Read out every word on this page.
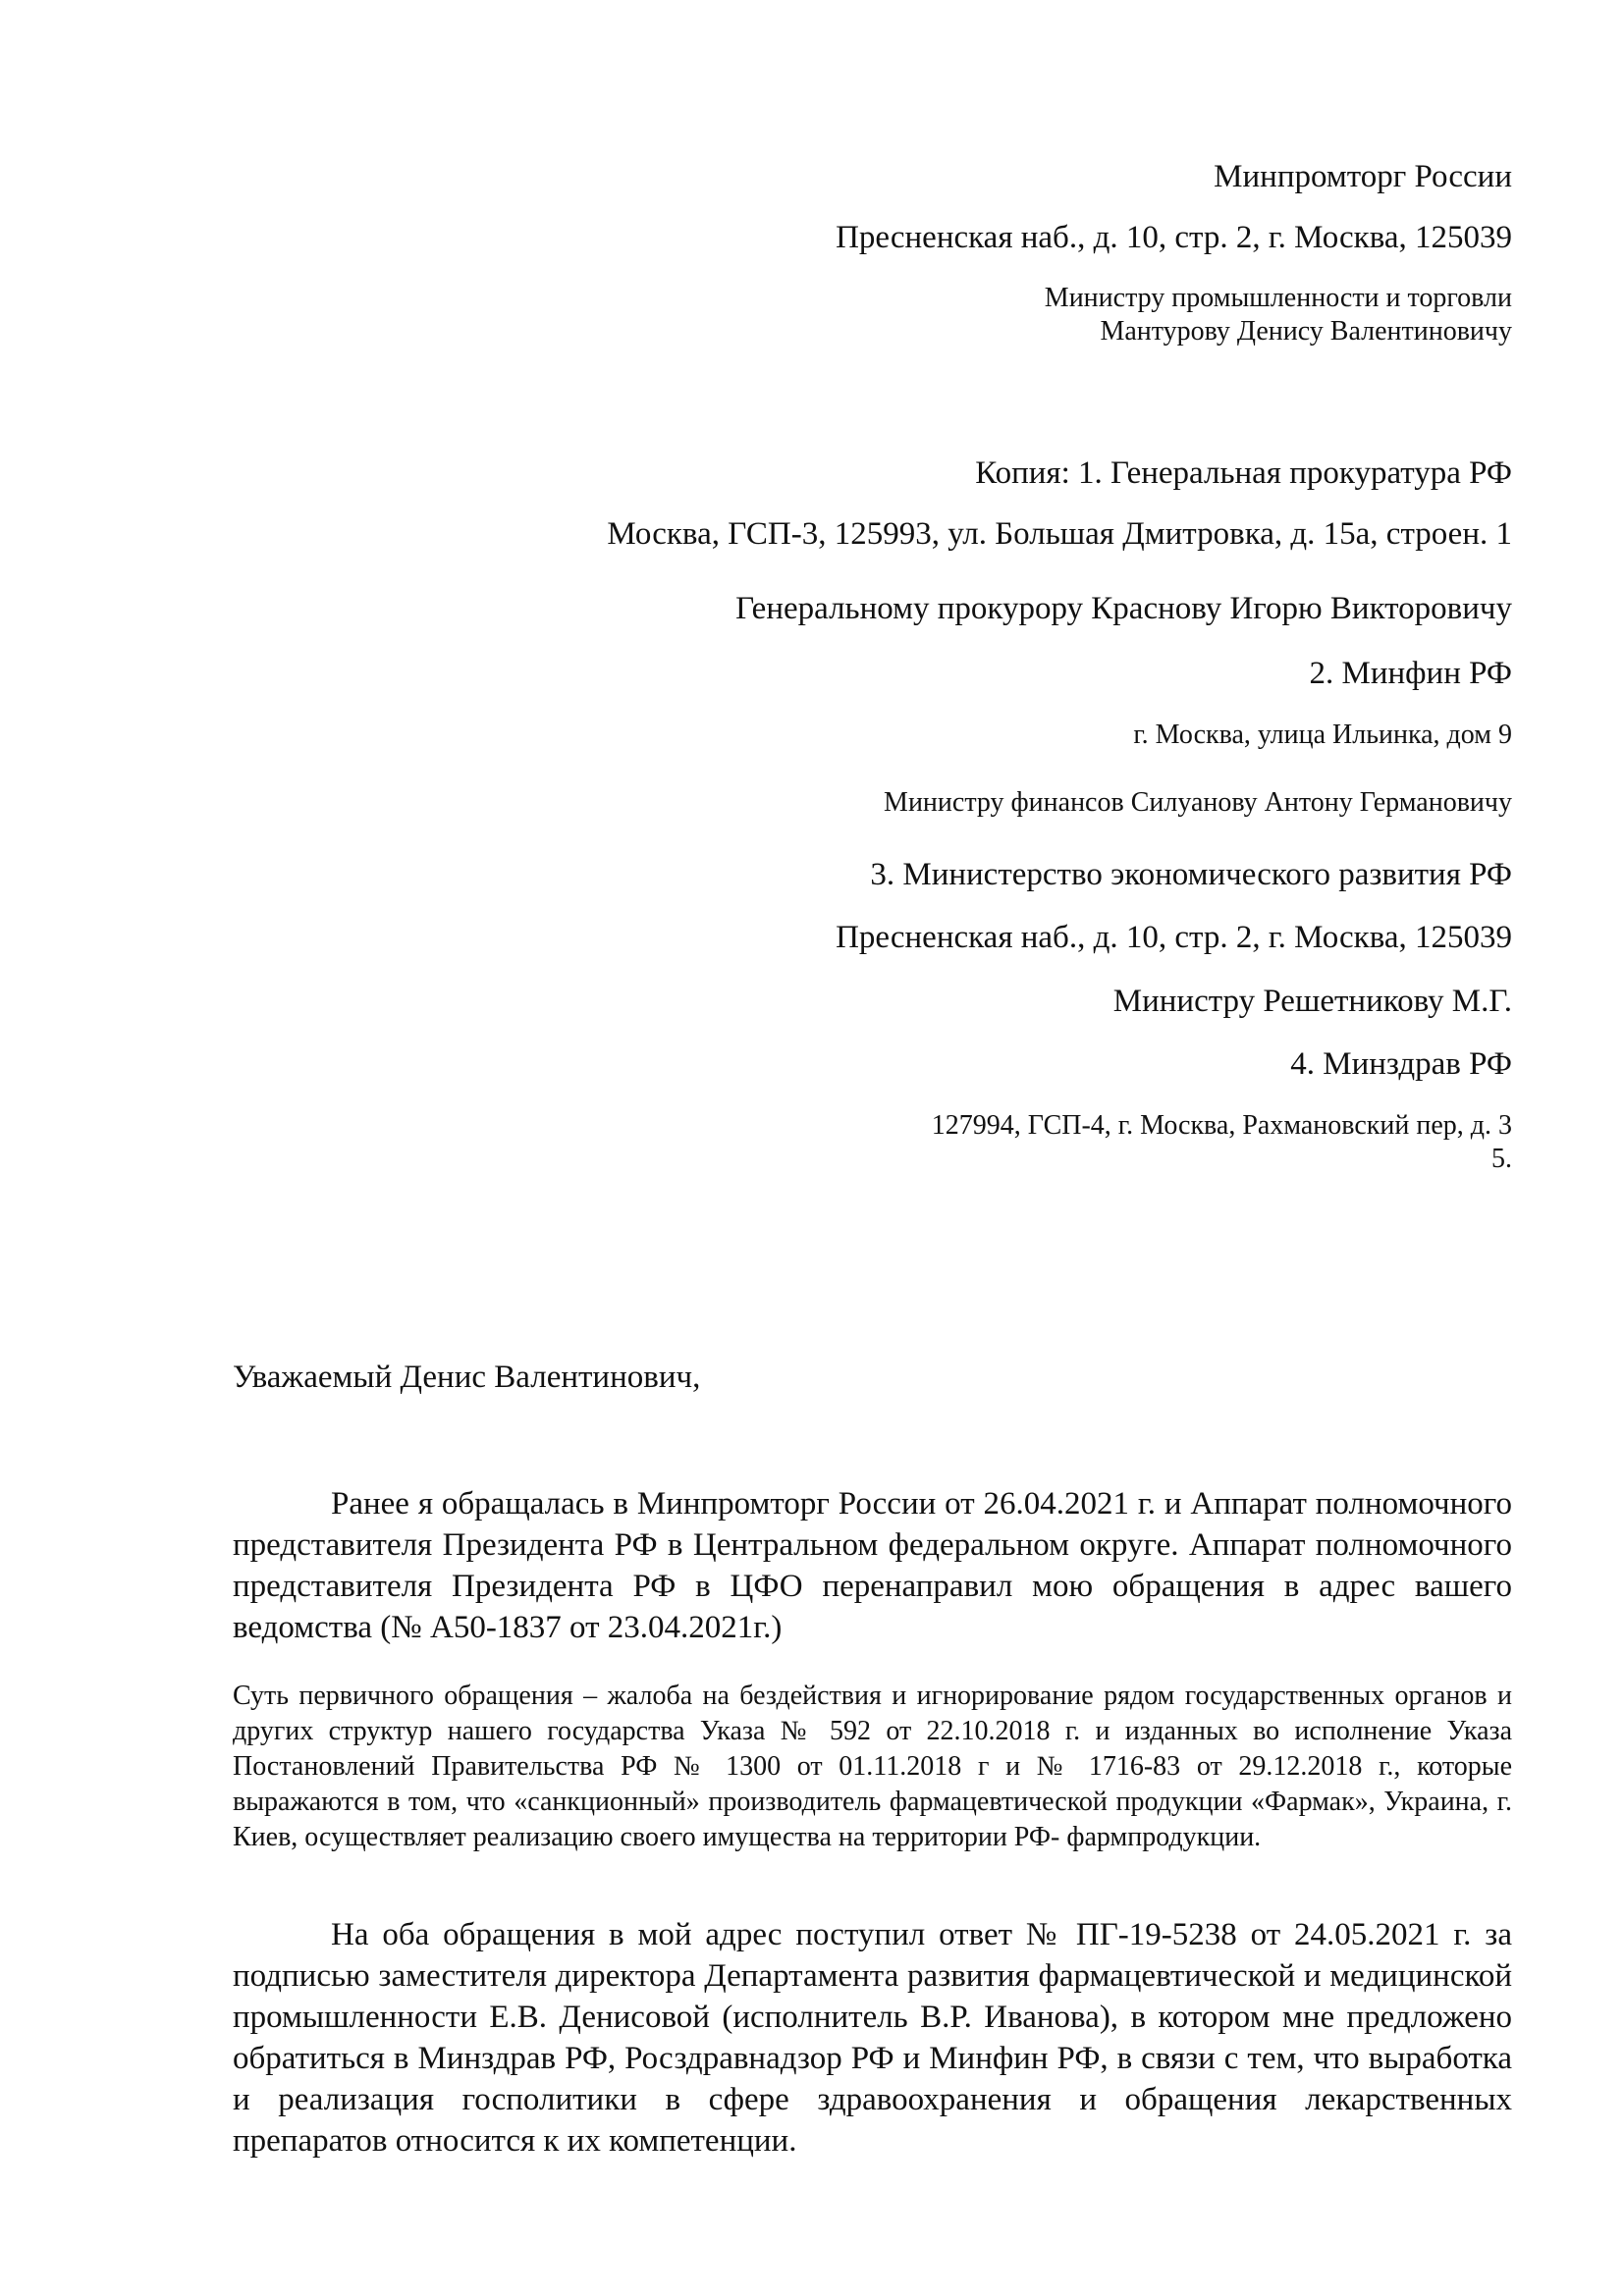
Минпромторг России
Пресненская наб., д. 10, стр. 2, г. Москва, 125039
Министру промышленности и торговли
Мантурову Денису Валентиновичу
Копия: 1. Генеральная прокуратура РФ
Москва, ГСП-3, 125993, ул. Большая Дмитровка, д. 15а, строен. 1
Генеральному прокурору Краснову Игорю Викторовичу
2. Минфин РФ
г. Москва, улица Ильинка, дом 9
Министру финансов Силуанову Антону Германовичу
3. Министерство экономического развития РФ
Пресненская наб., д. 10, стр. 2, г. Москва, 125039
Министру Решетникову М.Г.
4. Минздрав РФ
127994, ГСП-4, г. Москва, Рахмановский пер, д. 3
5.
Уважаемый Денис Валентинович,
Ранее я обращалась в Минпромторг России от 26.04.2021 г. и Аппарат полномочного представителя Президента РФ в Центральном федеральном округе. Аппарат полномочного представителя Президента РФ в ЦФО перенаправил мою обращения в адрес вашего ведомства (№ А50-1837 от 23.04.2021г.)
Суть первичного обращения – жалоба на бездействия и игнорирование рядом государственных органов и других структур нашего государства Указа № 592 от 22.10.2018 г. и изданных во исполнение Указа Постановлений Правительства РФ № 1300 от 01.11.2018 г и № 1716-83 от 29.12.2018 г., которые выражаются в том, что «санкционный» производитель фармацевтической продукции «Фармак», Украина, г. Киев, осуществляет реализацию своего имущества на территории РФ- фармпродукции.
На оба обращения в мой адрес поступил ответ № ПГ-19-5238 от 24.05.2021 г. за подписью заместителя директора Департамента развития фармацевтической и медицинской промышленности Е.В. Денисовой (исполнитель В.Р. Иванова), в котором мне предложено обратиться в Минздрав РФ, Росздравнадзор РФ и Минфин РФ, в связи с тем, что выработка и реализация госполитики в сфере здравоохранения и обращения лекарственных препаратов относится к их компетенции.
